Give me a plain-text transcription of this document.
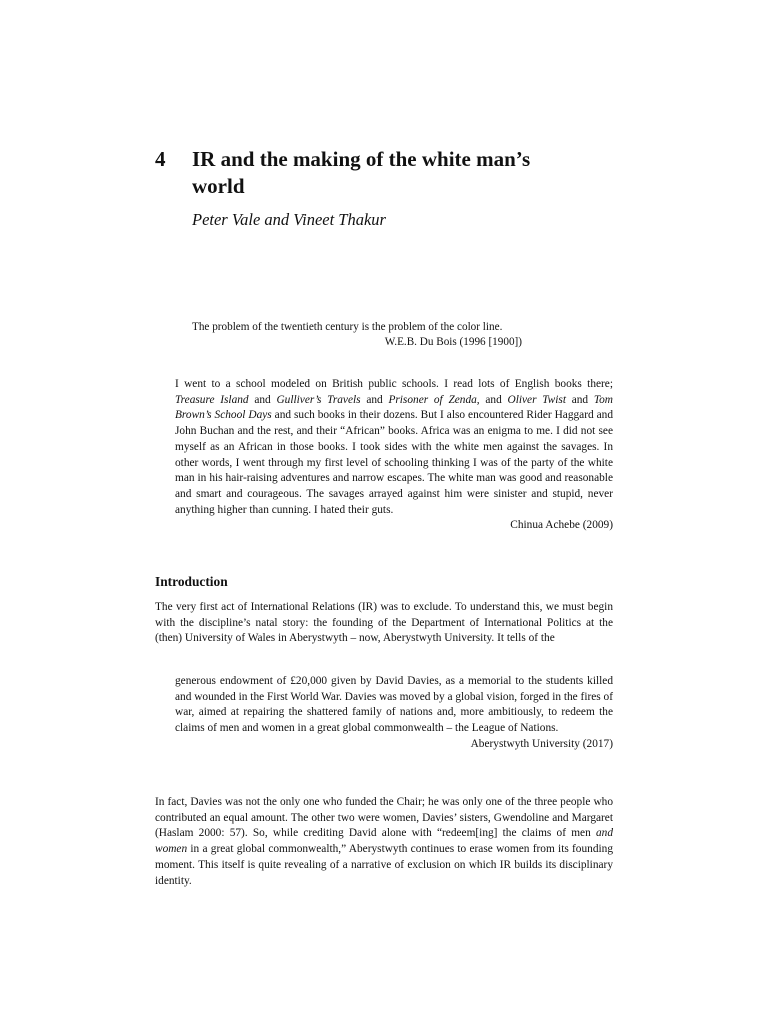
4 IR and the making of the white man’s world

Peter Vale and Vineet Thakur

The problem of the twentieth century is the problem of the color line.

W.E.B. Du Bois (1996 [1900])

I went to a school modeled on British public schools. I read lots of English books there; Treasure Island and Gulliver’s Travels and Prisoner of Zenda, and Oliver Twist and Tom Brown’s School Days and such books in their dozens. But I also encountered Rider Haggard and John Buchan and the rest, and their “African” books. Africa was an enigma to me. I did not see myself as an African in those books. I took sides with the white men against the savages. In other words, I went through my first level of schooling thinking I was of the party of the white man in his hair-raising adventures and narrow escapes. The white man was good and reasonable and smart and courageous. The savages arrayed against him were sinister and stupid, never anything higher than cunning. I hated their guts.

Chinua Achebe (2009)

Introduction

The very first act of International Relations (IR) was to exclude. To understand this, we must begin with the discipline’s natal story: the founding of the Department of International Politics at the (then) University of Wales in Aberystwyth – now, Aberystwyth University. It tells of the

generous endowment of £20,000 given by David Davies, as a memorial to the students killed and wounded in the First World War. Davies was moved by a global vision, forged in the fires of war, aimed at repairing the shattered family of nations and, more ambitiously, to redeem the claims of men and women in a great global commonwealth – the League of Nations.

Aberystwyth University (2017)

In fact, Davies was not the only one who funded the Chair; he was only one of the three people who contributed an equal amount. The other two were women, Davies’ sisters, Gwendoline and Margaret (Haslam 2000: 57). So, while crediting David alone with “redeem[ing] the claims of men and women in a great global commonwealth,” Aberystwyth continues to erase women from its founding moment. This itself is quite revealing of a narrative of exclusion on which IR builds its disciplinary identity.
